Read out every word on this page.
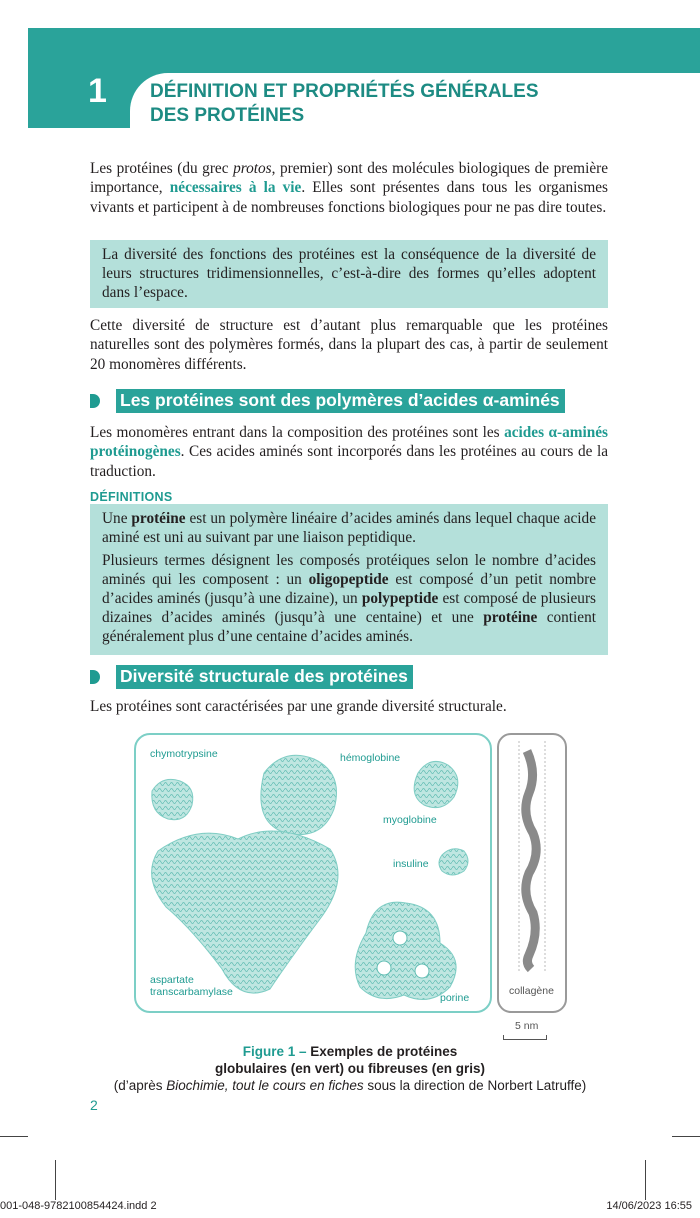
1 DÉFINITION ET PROPRIÉTÉS GÉNÉRALES
DES PROTÉINES
Les protéines (du grec protos, premier) sont des molécules biologiques de première importance, nécessaires à la vie. Elles sont présentes dans tous les organismes vivants et participent à de nombreuses fonctions biologiques pour ne pas dire toutes.

La diversité des fonctions des protéines est la conséquence de la diversité de leurs structures tridimensionnelles, c’est-à-dire des formes qu’elles adoptent dans l’espace.

Cette diversité de structure est d’autant plus remarquable que les protéines naturelles sont des polymères formés, dans la plupart des cas, à partir de seulement 20 monomères différents.
Les protéines sont des polymères d’acides α-aminés
Les monomères entrant dans la composition des protéines sont les acides α-aminés protéinogènes. Ces acides aminés sont incorporés dans les protéines au cours de la traduction.
DÉFINITIONS

Une protéine est un polymère linéaire d’acides aminés dans lequel chaque acide aminé est uni au suivant par une liaison peptidique.

Plusieurs termes désignent les composés protéiques selon le nombre d’acides aminés qui les composent : un oligopeptide est composé d’un petit nombre d’acides aminés (jusqu’à une dizaine), un polypeptide est composé de plusieurs dizaines d’acides aminés (jusqu’à une centaine) et une protéine contient généralement plus d’une centaine d’acides aminés.

Diversité structurale des protéines
Les protéines sont caractérisées par une grande diversité structurale.
chymotrypsine	hémoglobine
myoglobine
insuline
aspartate
transcarbamylase	porine
collagène
5 nm
Figure 1 – Exemples de protéines
globulaires (en vert) ou fibreuses (en gris)
(d’après Biochimie, tout le cours en fiches sous la direction de Norbert Latruffe)
2
001-048-9782100854424.indd 2	14/06/2023 16:55
